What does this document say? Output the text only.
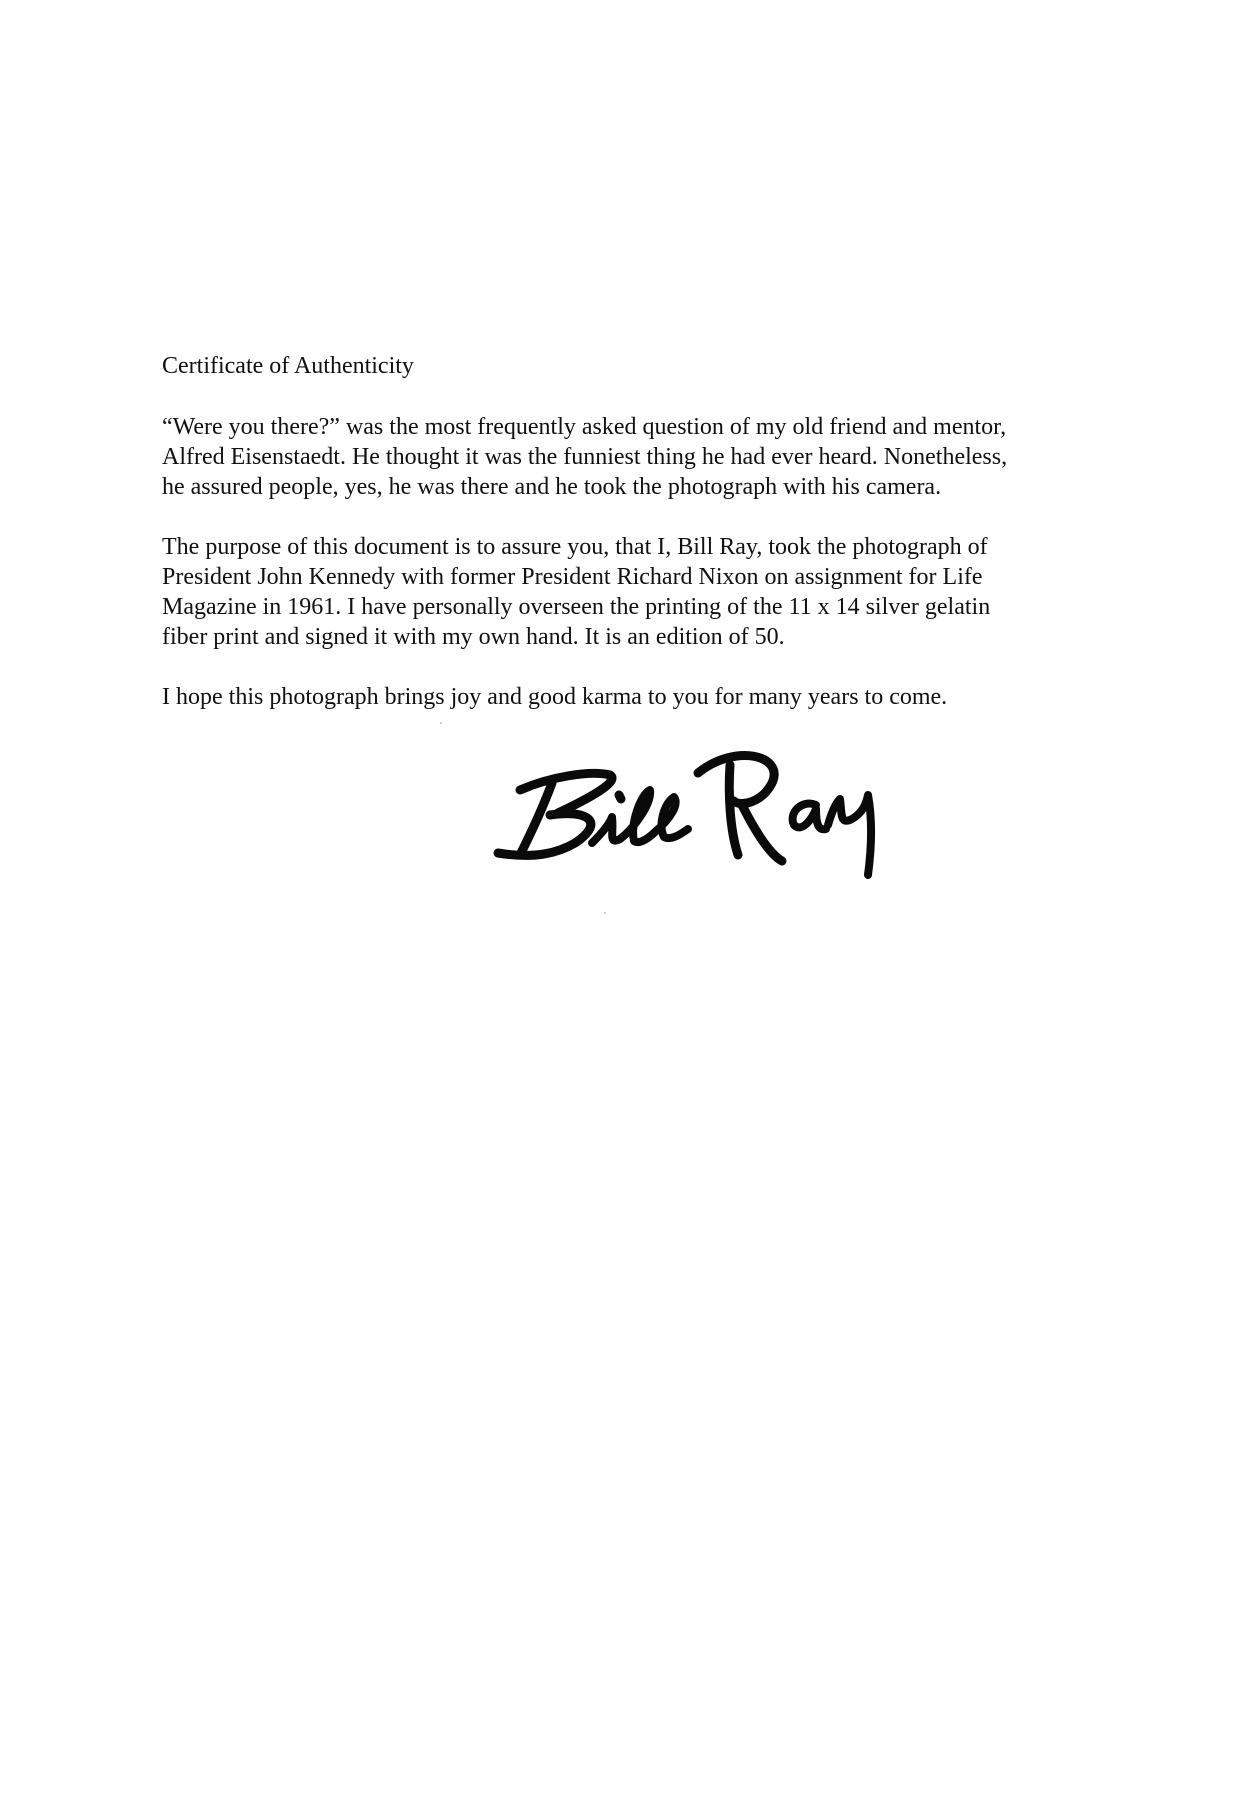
Certificate of Authenticity

“Were you there?” was the most frequently asked question of my old friend and mentor,
Alfred Eisenstaedt. He thought it was the funniest thing he had ever heard. Nonetheless,
he assured people, yes, he was there and he took the photograph with his camera.

The purpose of this document is to assure you, that I, Bill Ray, took the photograph of
President John Kennedy with former President Richard Nixon on assignment for Life
Magazine in 1961. I have personally overseen the printing of the 11 x 14 silver gelatin
fiber print and signed it with my own hand. It is an edition of 50.

I hope this photograph brings joy and good karma to you for many years to come.
